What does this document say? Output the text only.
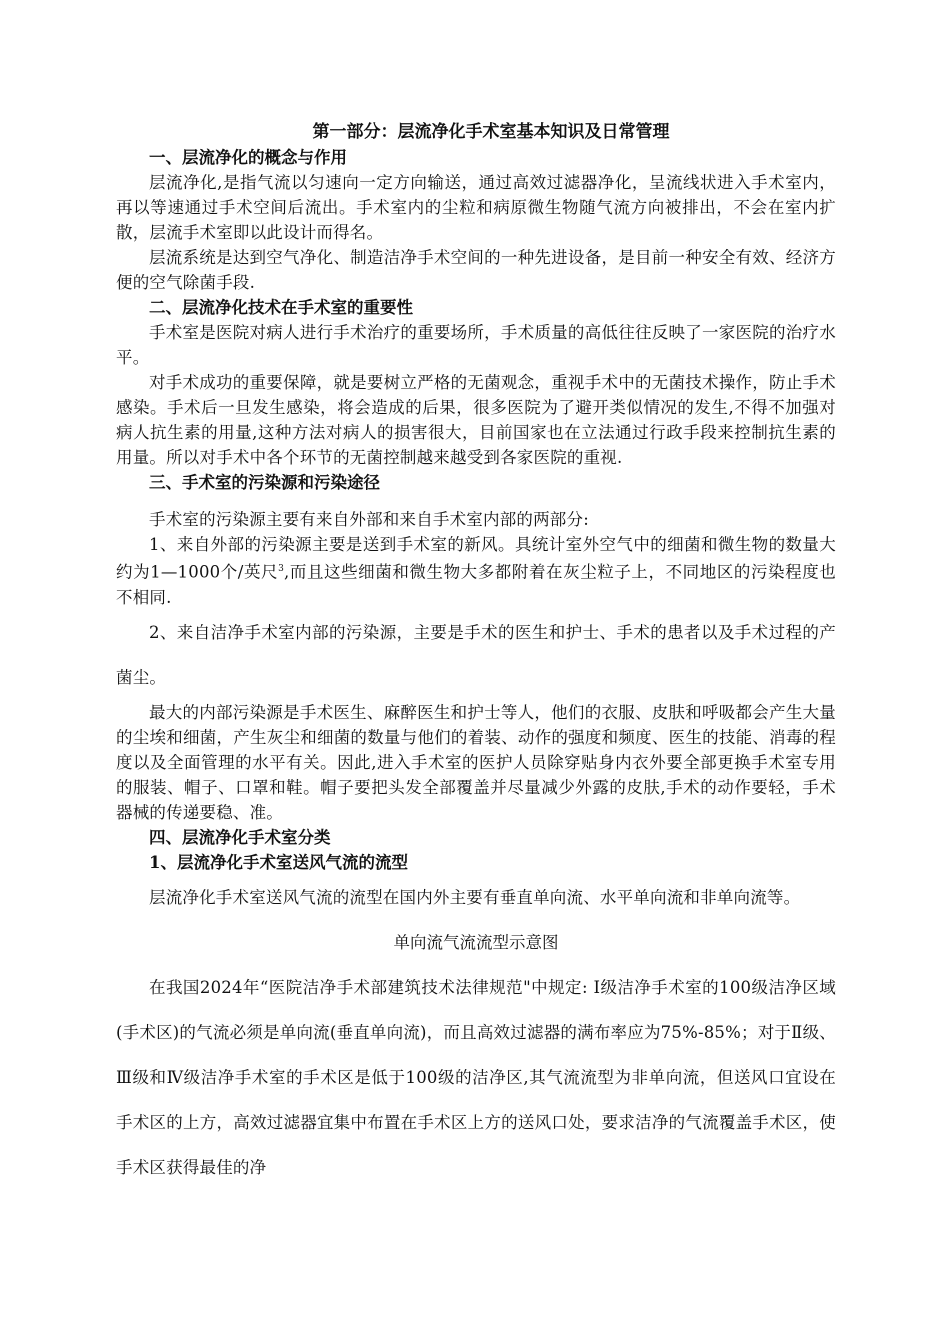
第一部分：层流净化手术室基本知识及日常管理

一、层流净化的概念与作用

层流净化,是指气流以匀速向一定方向输送，通过高效过滤器净化，呈流线状进入手术室内，再以等速通过手术空间后流出。手术室内的尘粒和病原微生物随气流方向被排出，不会在室内扩散，层流手术室即以此设计而得名。

层流系统是达到空气净化、制造洁净手术空间的一种先进设备，是目前一种安全有效、经济方便的空气除菌手段.

二、层流净化技术在手术室的重要性

手术室是医院对病人进行手术治疗的重要场所，手术质量的高低往往反映了一家医院的治疗水平。

对手术成功的重要保障，就是要树立严格的无菌观念，重视手术中的无菌技术操作，防止手术感染。手术后一旦发生感染，将会造成的后果，很多医院为了避开类似情况的发生,不得不加强对病人抗生素的用量,这种方法对病人的损害很大，目前国家也在立法通过行政手段来控制抗生素的用量。所以对手术中各个环节的无菌控制越来越受到各家医院的重视.

三、手术室的污染源和污染途径

手术室的污染源主要有来自外部和来自手术室内部的两部分:

1、来自外部的污染源主要是送到手术室的新风。具统计室外空气中的细菌和微生物的数量大约为1—1000个/英尺$^3$,而且这些细菌和微生物大多都附着在灰尘粒子上，不同地区的污染程度也不相同.

2、来自洁净手术室内部的污染源，主要是手术的医生和护士、手术的患者以及手术过程的产菌尘。

最大的内部污染源是手术医生、麻醉医生和护士等人，他们的衣服、皮肤和呼吸都会产生大量的尘埃和细菌，产生灰尘和细菌的数量与他们的着装、动作的强度和频度、医生的技能、消毒的程度以及全面管理的水平有关。因此,进入手术室的医护人员除穿贴身内衣外要全部更换手术室专用的服装、帽子、口罩和鞋。帽子要把头发全部覆盖并尽量减少外露的皮肤,手术的动作要轻，手术器械的传递要稳、准。

四、层流净化手术室分类

1、层流净化手术室送风气流的流型

层流净化手术室送风气流的流型在国内外主要有垂直单向流、水平单向流和非单向流等。

单向流气流流型示意图

在我国2024年“医院洁净手术部建筑技术法律规范"中规定: Ⅰ级洁净手术室的100级洁净区域(手术区)的气流必须是单向流(垂直单向流)，而且高效过滤器的满布率应为75%-85%；对于Ⅱ级、Ⅲ级和Ⅳ级洁净手术室的手术区是低于100级的洁净区,其气流流型为非单向流，但送风口宜设在手术区的上方，高效过滤器宜集中布置在手术区上方的送风口处，要求洁净的气流覆盖手术区，使手术区获得最佳的净
